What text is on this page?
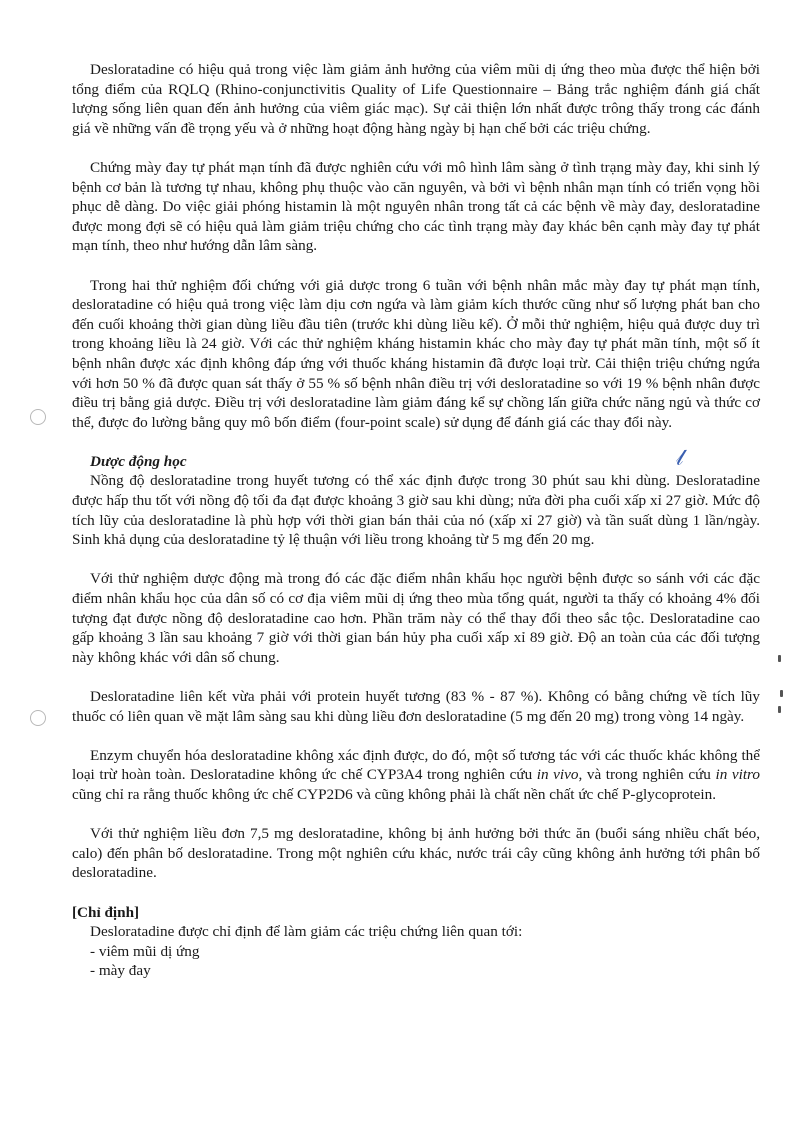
𝓁

Desloratadine có hiệu quả trong việc làm giảm ảnh hưởng của viêm mũi dị ứng theo mùa được thể hiện bởi tổng điểm của RQLQ (Rhino-conjunctivitis Quality of Life Questionnaire – Bảng trắc nghiệm đánh giá chất lượng sống liên quan đến ảnh hưởng của viêm giác mạc). Sự cải thiện lớn nhất được trông thấy trong các đánh giá về những vấn đề trọng yếu và ở những hoạt động hàng ngày bị hạn chế bởi các triệu chứng.

Chứng mày đay tự phát mạn tính đã được nghiên cứu với mô hình lâm sàng ở tình trạng mày đay, khi sinh lý bệnh cơ bản là tương tự nhau, không phụ thuộc vào căn nguyên, và bởi vì bệnh nhân mạn tính có triển vọng hồi phục dễ dàng. Do việc giải phóng histamin là một nguyên nhân trong tất cả các bệnh về mày đay, desloratadine được mong đợi sẽ có hiệu quả làm giảm triệu chứng cho các tình trạng mày đay khác bên cạnh mày đay tự phát mạn tính, theo như hướng dẫn lâm sàng.

Trong hai thử nghiệm đối chứng với giả dược trong 6 tuần với bệnh nhân mắc mày đay tự phát mạn tính, desloratadine có hiệu quả trong việc làm dịu cơn ngứa và làm giảm kích thước cũng như số lượng phát ban cho đến cuối khoảng thời gian dùng liều đầu tiên (trước khi dùng liều kế). Ở mỗi thử nghiệm, hiệu quả được duy trì trong khoảng liều là 24 giờ. Với các thử nghiệm kháng histamin khác cho mày đay tự phát mãn tính, một số ít bệnh nhân được xác định không đáp ứng với thuốc kháng histamin đã được loại trừ. Cải thiện triệu chứng ngứa với hơn 50 % đã được quan sát thấy ở 55 % số bệnh nhân điều trị với desloratadine so với 19 % bệnh nhân được điều trị bằng giả dược. Điều trị với desloratadine làm giảm đáng kể sự chồng lấn giữa chức năng ngủ và thức cơ thể, được đo lường bằng quy mô bốn điểm (four-point scale) sử dụng để đánh giá các thay đổi này.

Dược động học

Nồng độ desloratadine trong huyết tương có thể xác định được trong 30 phút sau khi dùng. Desloratadine được hấp thu tốt với nồng độ tối đa đạt được khoảng 3 giờ sau khi dùng; nửa đời pha cuối xấp xỉ 27 giờ. Mức độ tích lũy của desloratadine là phù hợp với thời gian bán thải của nó (xấp xỉ 27 giờ) và tần suất dùng 1 lần/ngày. Sinh khả dụng của desloratadine tỷ lệ thuận với liều trong khoảng từ 5 mg đến 20 mg.

Với thử nghiệm dược động mà trong đó các đặc điểm nhân khẩu học người bệnh được so sánh với các đặc điểm nhân khẩu học của dân số có cơ địa viêm mũi dị ứng theo mùa tổng quát, người ta thấy có khoảng 4% đối tượng đạt được nồng độ desloratadine cao hơn. Phần trăm này có thể thay đổi theo sắc tộc. Desloratadine cao gấp khoảng 3 lần sau khoảng 7 giờ với thời gian bán hủy pha cuối xấp xỉ 89 giờ. Độ an toàn của các đối tượng này không khác với dân số chung.

Desloratadine liên kết vừa phải với protein huyết tương (83 % - 87 %). Không có bằng chứng về tích lũy thuốc có liên quan về mặt lâm sàng sau khi dùng liều đơn desloratadine (5 mg đến 20 mg) trong vòng 14 ngày.

Enzym chuyển hóa desloratadine không xác định được, do đó, một số tương tác với các thuốc khác không thể loại trừ hoàn toàn. Desloratadine không ức chế CYP3A4 trong nghiên cứu in vivo, và trong nghiên cứu in vitro cũng chỉ ra rằng thuốc không ức chế CYP2D6 và cũng không phải là chất nền chất ức chế P-glycoprotein.

Với thử nghiệm liều đơn 7,5 mg desloratadine, không bị ảnh hưởng bởi thức ăn (buổi sáng nhiều chất béo, calo) đến phân bố desloratadine. Trong một nghiên cứu khác, nước trái cây cũng không ảnh hưởng tới phân bố desloratadine.

[Chỉ định]
Desloratadine được chỉ định để làm giảm các triệu chứng liên quan tới:
- viêm mũi dị ứng
- mày đay
